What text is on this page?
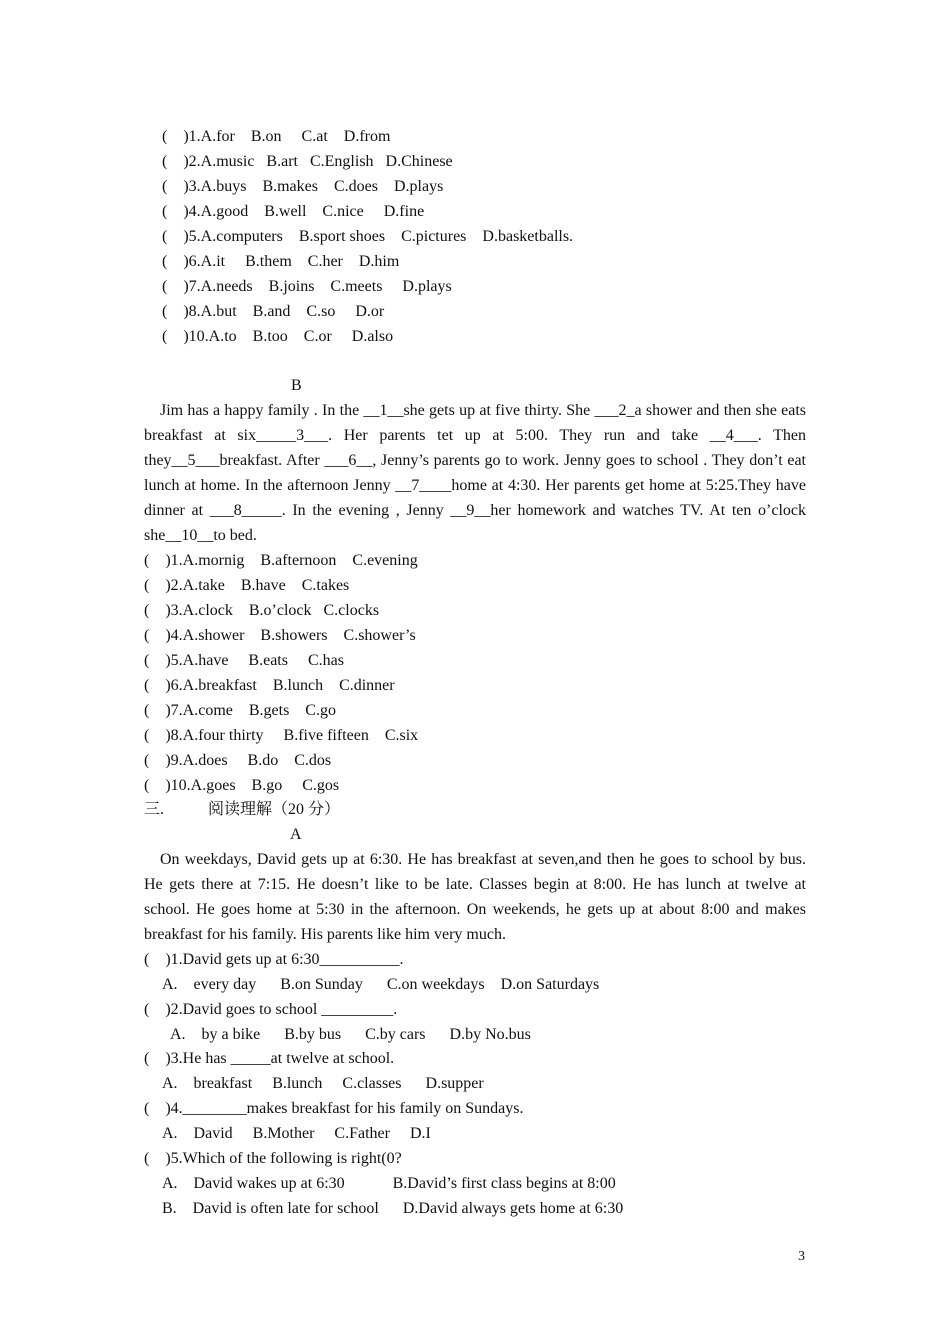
(    )1.A.for    B.on     C.at    D.from
(    )2.A.music   B.art   C.English   D.Chinese
(    )3.A.buys    B.makes    C.does    D.plays
(    )4.A.good    B.well    C.nice     D.fine
(    )5.A.computers    B.sport shoes    C.pictures    D.basketballs.
(    )6.A.it     B.them    C.her    D.him
(    )7.A.needs    B.joins    C.meets     D.plays
(    )8.A.but    B.and    C.so     D.or
(    )10.A.to    B.too    C.or     D.also
B

Jim has a happy family . In the __1__she gets up at five thirty. She ___2_a shower and then she eats breakfast at six_____3___. Her parents tet up at 5:00. They run and take __4___. Then they__5___breakfast. After ___6__, Jenny’s parents go to work. Jenny goes to school . They don’t eat lunch at home. In the afternoon Jenny __7____home at 4:30. Her parents get home at 5:25.They have dinner at ___8_____. In the evening , Jenny __9__her homework and watches TV. At ten o’clock she__10__to bed.

(    )1.A.mornig    B.afternoon    C.evening
(    )2.A.take    B.have    C.takes
(    )3.A.clock    B.o’clock   C.clocks
(    )4.A.shower    B.showers    C.shower’s
(    )5.A.have     B.eats     C.has
(    )6.A.breakfast    B.lunch    C.dinner
(    )7.A.come    B.gets    C.go
(    )8.A.four thirty     B.five fifteen    C.six
(    )9.A.does     B.do    C.dos
(    )10.A.goes    B.go     C.gos
三.           阅读理解（20 分）
A

On weekdays, David gets up at 6:30. He has breakfast at seven,and then he goes to school by bus. He gets there at 7:15. He doesn’t like to be late. Classes begin at 8:00. He has lunch at twelve at school. He goes home at 5:30 in the afternoon. On weekends, he gets up at about 8:00 and makes breakfast for his family. His parents like him very much.

(    )1.David gets up at 6:30__________.
A.    every day      B.on Sunday      C.on weekdays    D.on Saturdays
(    )2.David goes to school _________.
A.    by a bike      B.by bus      C.by cars      D.by No.bus
(    )3.He has _____at twelve at school.
A.    breakfast     B.lunch     C.classes      D.supper
(    )4.________makes breakfast for his family on Sundays.
A.    David     B.Mother     C.Father     D.I
(    )5.Which of the following is right(0?
A.    David wakes up at 6:30            B.David’s first class begins at 8:00
B.    David is often late for school      D.David always gets home at 6:30
3
